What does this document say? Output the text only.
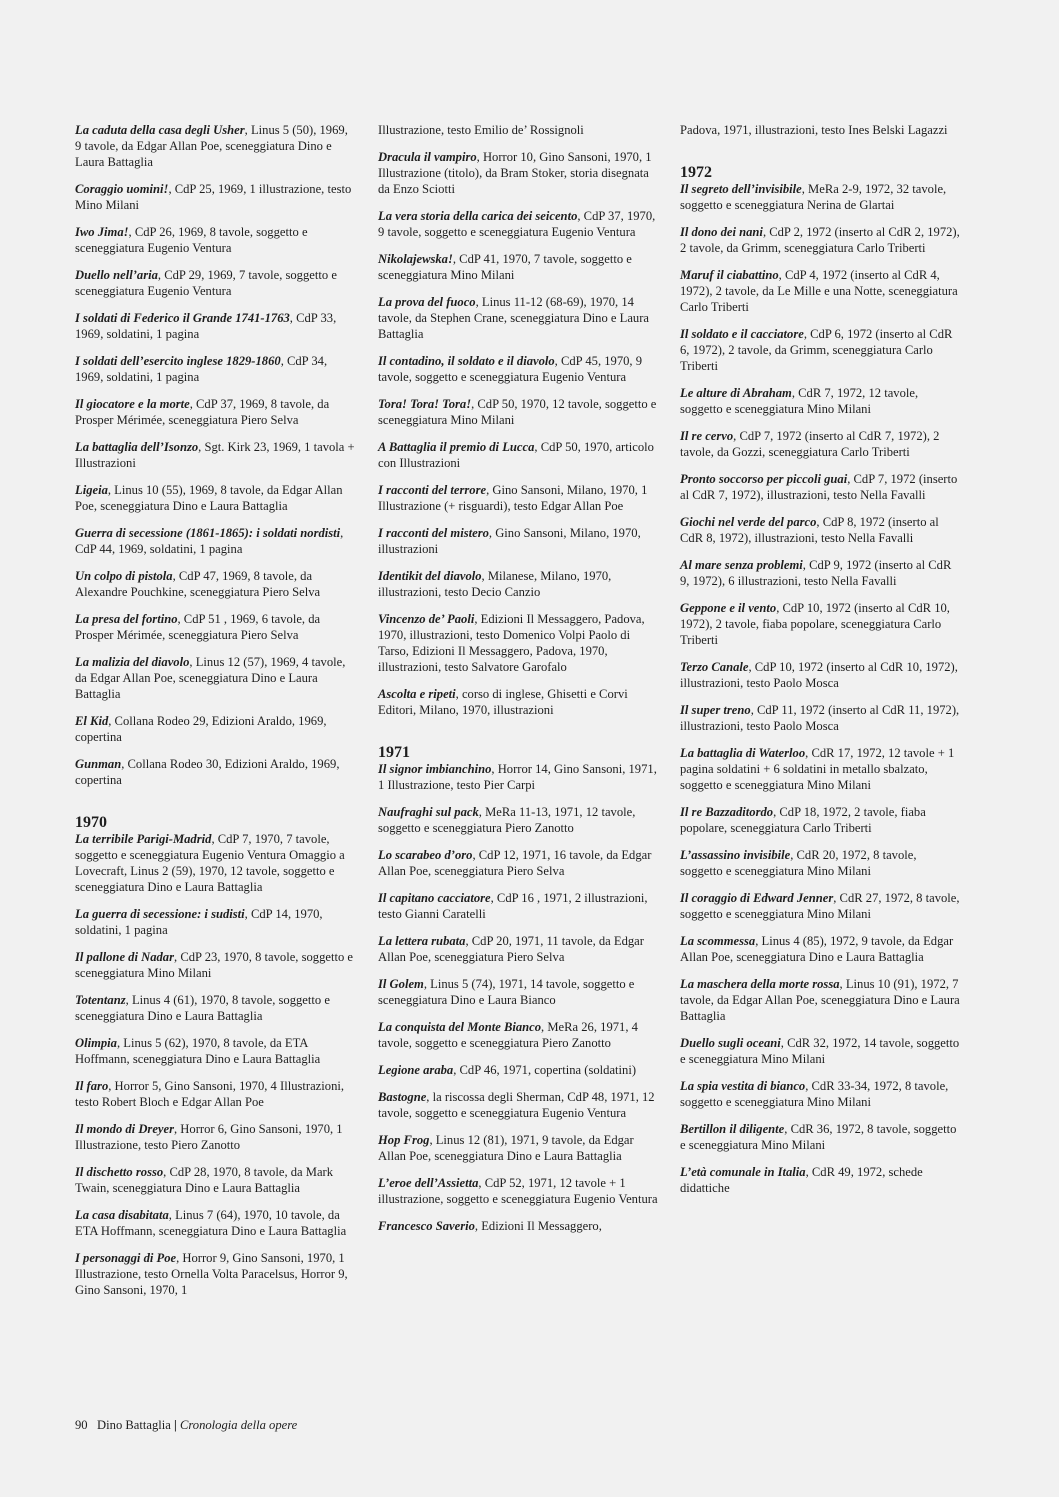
La caduta della casa degli Usher, Linus 5 (50), 1969, 9 tavole, da Edgar Allan Poe, sceneggiatura Dino e Laura Battaglia
Coraggio uomini!, CdP 25, 1969, 1 illustrazione, testo Mino Milani
Iwo Jima!, CdP 26, 1969, 8 tavole, soggetto e sceneggiatura Eugenio Ventura
Duello nell’aria, CdP 29, 1969, 7 tavole, soggetto e sceneggiatura Eugenio Ventura
I soldati di Federico il Grande 1741-1763, CdP 33, 1969, soldatini, 1 pagina
I soldati dell’esercito inglese 1829-1860, CdP 34, 1969, soldatini, 1 pagina
Il giocatore e la morte, CdP 37, 1969, 8 tavole, da Prosper Mérimée, sceneggiatura Piero Selva
La battaglia dell’Isonzo, Sgt. Kirk 23, 1969, 1 tavola + Illustrazioni
Ligeia, Linus 10 (55), 1969, 8 tavole, da Edgar Allan Poe, sceneggiatura Dino e Laura Battaglia
Guerra di secessione (1861-1865): i soldati nordisti, CdP 44, 1969, soldatini, 1 pagina
Un colpo di pistola, CdP 47, 1969, 8 tavole, da Alexandre Pouchkine, sceneggiatura Piero Selva
La presa del fortino, CdP 51 , 1969, 6 tavole, da Prosper Mérimée, sceneggiatura Piero Selva
La malizia del diavolo, Linus 12 (57), 1969, 4 tavole, da Edgar Allan Poe, sceneggiatura Dino e Laura Battaglia
El Kid, Collana Rodeo 29, Edizioni Araldo, 1969, copertina
Gunman, Collana Rodeo 30, Edizioni Araldo, 1969, copertina
1970
La terribile Parigi-Madrid, CdP 7, 1970, 7 tavole, soggetto e sceneggiatura Eugenio Ventura Omaggio a Lovecraft, Linus 2 (59), 1970, 12 tavole, soggetto e sceneggiatura Dino e Laura Battaglia
La guerra di secessione: i sudisti, CdP 14, 1970, soldatini, 1 pagina
Il pallone di Nadar, CdP 23, 1970, 8 tavole, soggetto e sceneggiatura Mino Milani
Totentanz, Linus 4 (61), 1970, 8 tavole, soggetto e sceneggiatura Dino e Laura Battaglia
Olimpia, Linus 5 (62), 1970, 8 tavole, da ETA Hoffmann, sceneggiatura Dino e Laura Battaglia
Il faro, Horror 5, Gino Sansoni, 1970, 4 Illustrazioni, testo Robert Bloch e Edgar Allan Poe
Il mondo di Dreyer, Horror 6, Gino Sansoni, 1970, 1 Illustrazione, testo Piero Zanotto
Il dischetto rosso, CdP 28, 1970, 8 tavole, da Mark Twain, sceneggiatura Dino e Laura Battaglia
La casa disabitata, Linus 7 (64), 1970, 10 tavole, da ETA Hoffmann, sceneggiatura Dino e Laura Battaglia
I personaggi di Poe, Horror 9, Gino Sansoni, 1970, 1 Illustrazione, testo Ornella Volta Paracelsus, Horror 9, Gino Sansoni, 1970, 1
Illustrazione, testo Emilio de’ Rossignoli
Dracula il vampiro, Horror 10, Gino Sansoni, 1970, 1 Illustrazione (titolo), da Bram Stoker, storia disegnata da Enzo Sciotti
La vera storia della carica dei seicento, CdP 37, 1970, 9 tavole, soggetto e sceneggiatura Eugenio Ventura
Nikolajewska!, CdP 41, 1970, 7 tavole, soggetto e sceneggiatura Mino Milani
La prova del fuoco, Linus 11-12 (68-69), 1970, 14 tavole, da Stephen Crane, sceneggiatura Dino e Laura Battaglia
Il contadino, il soldato e il diavolo, CdP 45, 1970, 9 tavole, soggetto e sceneggiatura Eugenio Ventura
Tora! Tora! Tora!, CdP 50, 1970, 12 tavole, soggetto e sceneggiatura Mino Milani
A Battaglia il premio di Lucca, CdP 50, 1970, articolo con Illustrazioni
I racconti del terrore, Gino Sansoni, Milano, 1970, 1 Illustrazione (+ risguardi), testo Edgar Allan Poe
I racconti del mistero, Gino Sansoni, Milano, 1970, illustrazioni
Identikit del diavolo, Milanese, Milano, 1970, illustrazioni, testo Decio Canzio
Vincenzo de’ Paoli, Edizioni Il Messaggero, Padova, 1970, illustrazioni, testo Domenico Volpi Paolo di Tarso, Edizioni Il Messaggero, Padova, 1970, illustrazioni, testo Salvatore Garofalo
Ascolta e ripeti, corso di inglese, Ghisetti e Corvi Editori, Milano, 1970, illustrazioni
1971
Il signor imbianchino, Horror 14, Gino Sansoni, 1971, 1 Illustrazione, testo Pier Carpi
Naufraghi sul pack, MeRa 11-13, 1971, 12 tavole, soggetto e sceneggiatura Piero Zanotto
Lo scarabeo d’oro, CdP 12, 1971, 16 tavole, da Edgar Allan Poe, sceneggiatura Piero Selva
Il capitano cacciatore, CdP 16 , 1971, 2 illustrazioni, testo Gianni Caratelli
La lettera rubata, CdP 20, 1971, 11 tavole, da Edgar Allan Poe, sceneggiatura Piero Selva
Il Golem, Linus 5 (74), 1971, 14 tavole, soggetto e sceneggiatura Dino e Laura Bianco
La conquista del Monte Bianco, MeRa 26, 1971, 4 tavole, soggetto e sceneggiatura Piero Zanotto
Legione araba, CdP 46, 1971, copertina (soldatini)
Bastogne, la riscossa degli Sherman, CdP 48, 1971, 12 tavole, soggetto e sceneggiatura Eugenio Ventura
Hop Frog, Linus 12 (81), 1971, 9 tavole, da Edgar Allan Poe, sceneggiatura Dino e Laura Battaglia
L’eroe dell’Assietta, CdP 52, 1971, 12 tavole + 1 illustrazione, soggetto e sceneggiatura Eugenio Ventura
Francesco Saverio, Edizioni Il Messaggero,
Padova, 1971, illustrazioni, testo Ines Belski Lagazzi
1972
Il segreto dell’invisibile, MeRa 2-9, 1972, 32 tavole, soggetto e sceneggiatura Nerina de Glartai
Il dono dei nani, CdP 2, 1972 (inserto al CdR 2, 1972), 2 tavole, da Grimm, sceneggiatura Carlo Triberti
Maruf il ciabattino, CdP 4, 1972 (inserto al CdR 4, 1972), 2 tavole, da Le Mille e una Notte, sceneggiatura Carlo Triberti
Il soldato e il cacciatore, CdP 6, 1972 (inserto al CdR 6, 1972), 2 tavole, da Grimm, sceneggiatura Carlo Triberti
Le alture di Abraham, CdR 7, 1972, 12 tavole, soggetto e sceneggiatura Mino Milani
Il re cervo, CdP 7, 1972 (inserto al CdR 7, 1972), 2 tavole, da Gozzi, sceneggiatura Carlo Triberti
Pronto soccorso per piccoli guai, CdP 7, 1972 (inserto al CdR 7, 1972), illustrazioni, testo Nella Favalli
Giochi nel verde del parco, CdP 8, 1972 (inserto al CdR 8, 1972), illustrazioni, testo Nella Favalli
Al mare senza problemi, CdP 9, 1972 (inserto al CdR 9, 1972), 6 illustrazioni, testo Nella Favalli
Geppone e il vento, CdP 10, 1972 (inserto al CdR 10, 1972), 2 tavole, fiaba popolare, sceneggiatura Carlo Triberti
Terzo Canale, CdP 10, 1972 (inserto al CdR 10, 1972), illustrazioni, testo Paolo Mosca
Il super treno, CdP 11, 1972 (inserto al CdR 11, 1972), illustrazioni, testo Paolo Mosca
La battaglia di Waterloo, CdR 17, 1972, 12 tavole + 1 pagina soldatini + 6 soldatini in metallo sbalzato, soggetto e sceneggiatura Mino Milani
Il re Bazzaditordo, CdP 18, 1972, 2 tavole, fiaba popolare, sceneggiatura Carlo Triberti
L’assassino invisibile, CdR 20, 1972, 8 tavole, soggetto e sceneggiatura Mino Milani
Il coraggio di Edward Jenner, CdR 27, 1972, 8 tavole, soggetto e sceneggiatura Mino Milani
La scommessa, Linus 4 (85), 1972, 9 tavole, da Edgar Allan Poe, sceneggiatura Dino e Laura Battaglia
La maschera della morte rossa, Linus 10 (91), 1972, 7 tavole, da Edgar Allan Poe, sceneggiatura Dino e Laura Battaglia
Duello sugli oceani, CdR 32, 1972, 14 tavole, soggetto e sceneggiatura Mino Milani
La spia vestita di bianco, CdR 33-34, 1972, 8 tavole, soggetto e sceneggiatura Mino Milani
Bertillon il diligente, CdR 36, 1972, 8 tavole, soggetto e sceneggiatura Mino Milani
L’età comunale in Italia, CdR 49, 1972, schede didattiche
90 Dino Battaglia | Cronologia della opere
